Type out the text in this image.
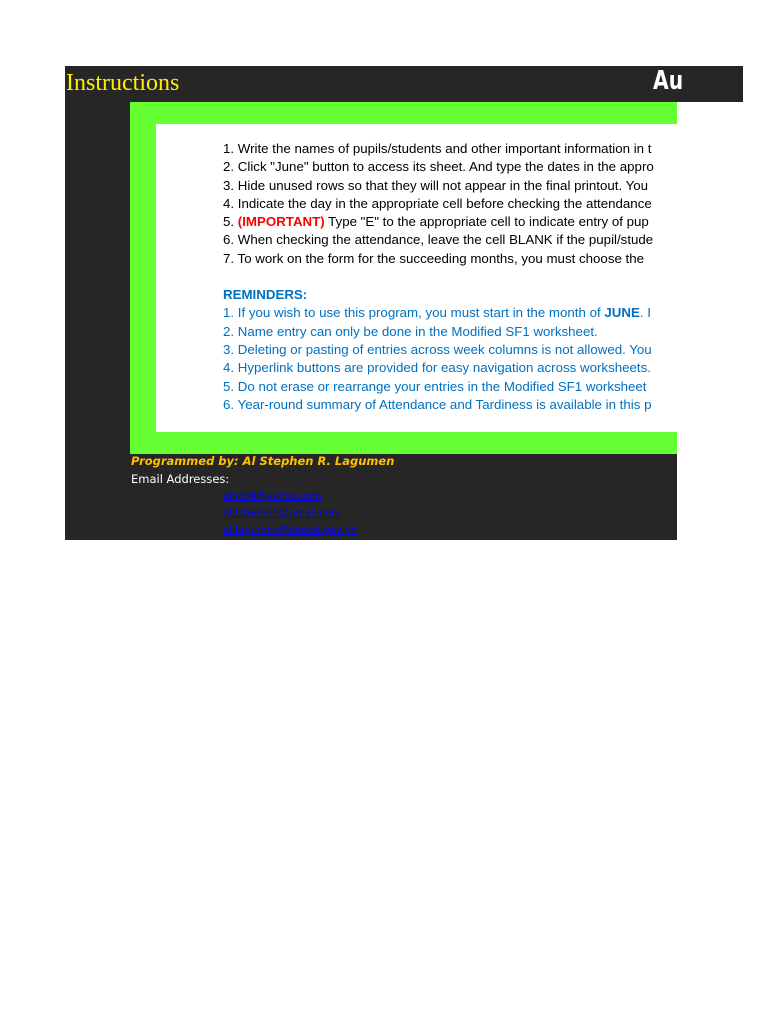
Instructions	Au
1. Write the names of pupils/students and other important information in t
2. Click "June" button to access its sheet. And type the dates in the appro
3. Hide unused rows so that they will not appear in the final printout. You
4. Indicate the day in the appropriate cell before checking the attendance
5. (IMPORTANT) Type "E" to the appropriate cell to indicate entry of pup
6. When checking the attendance, leave the cell BLANK if the pupil/stude
7. To work on the form for the succeeding months, you must choose the
REMINDERS:
1. If you wish to use this program, you must start in the month of JUNE. I
2. Name entry can only be done in the Modified SF1 worksheet.
3. Deleting or pasting of entries across week columns is not allowed. You
4. Hyperlink buttons are provided for easy navigation across worksheets.
5. Do not erase or rearrange your entries in the Modified SF1 worksheet
6. Year-round summary of Attendance and Tardiness is available in this p
Programmed by: Al Stephen R. Lagumen
Email Addresses:
alpex4@yahoo.com
al2stephen@gmail.com
al.lagumen@deped.gov.ph
